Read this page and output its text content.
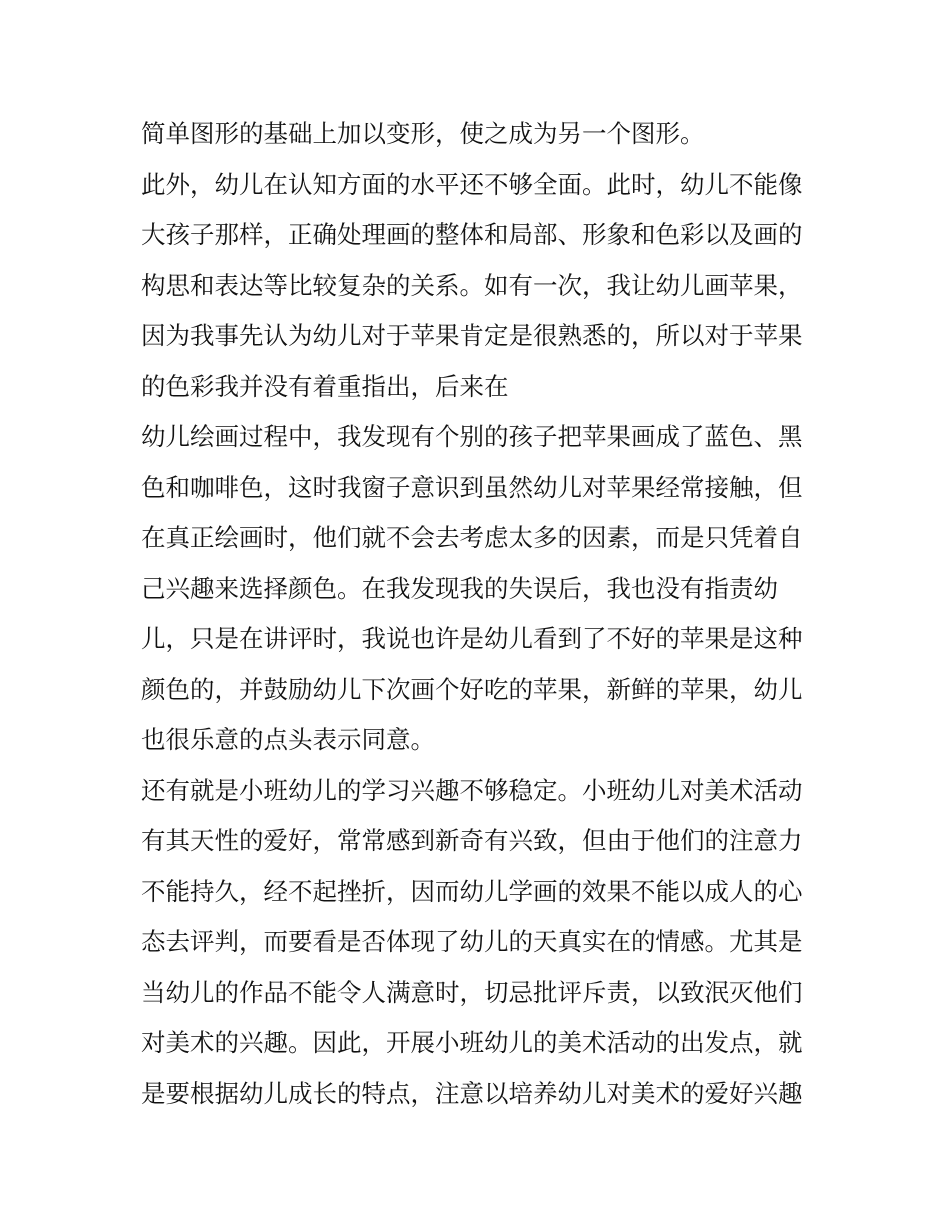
简单图形的基础上加以变形，使之成为另一个图形。
此外，幼儿在认知方面的水平还不够全面。此时，幼儿不能像
大孩子那样，正确处理画的整体和局部、形象和色彩以及画的
构思和表达等比较复杂的关系。如有一次，我让幼儿画苹果，
因为我事先认为幼儿对于苹果肯定是很熟悉的，所以对于苹果
的色彩我并没有着重指出，后来在
幼儿绘画过程中，我发现有个别的孩子把苹果画成了蓝色、黑
色和咖啡色，这时我窗子意识到虽然幼儿对苹果经常接触，但
在真正绘画时，他们就不会去考虑太多的因素，而是只凭着自
己兴趣来选择颜色。在我发现我的失误后，我也没有指责幼
儿，只是在讲评时，我说也许是幼儿看到了不好的苹果是这种
颜色的，并鼓励幼儿下次画个好吃的苹果，新鲜的苹果，幼儿
也很乐意的点头表示同意。
还有就是小班幼儿的学习兴趣不够稳定。小班幼儿对美术活动
有其天性的爱好，常常感到新奇有兴致，但由于他们的注意力
不能持久，经不起挫折，因而幼儿学画的效果不能以成人的心
态去评判，而要看是否体现了幼儿的天真实在的情感。尤其是
当幼儿的作品不能令人满意时，切忌批评斥责，以致泯灭他们
对美术的兴趣。因此，开展小班幼儿的美术活动的出发点，就
是要根据幼儿成长的特点，注意以培养幼儿对美术的爱好兴趣
